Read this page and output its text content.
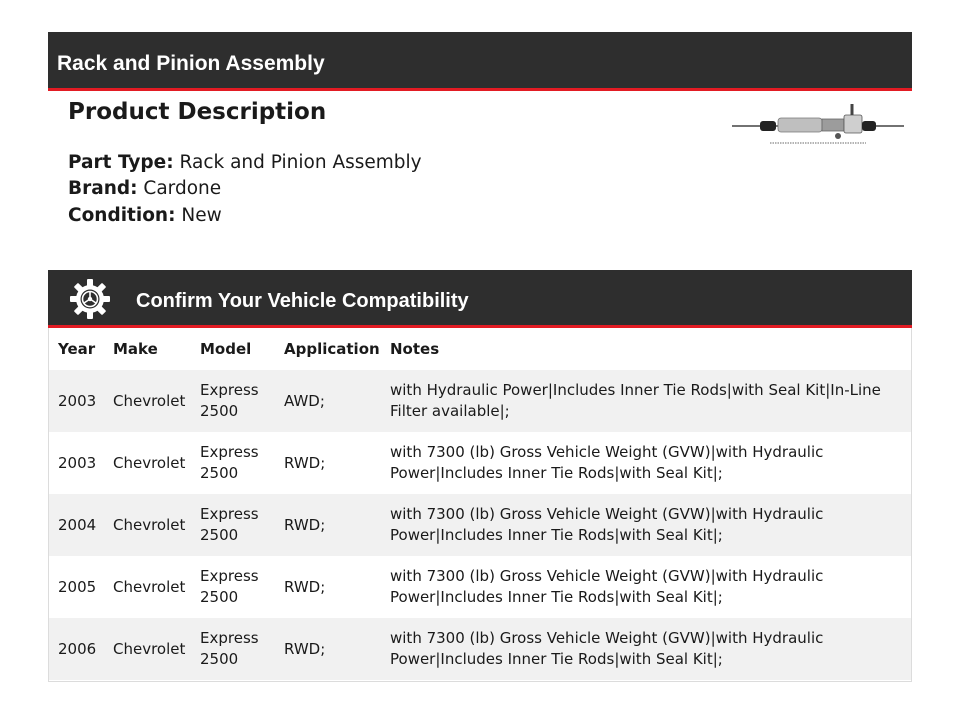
Rack and Pinion Assembly
Product Description
Part Type: Rack and Pinion Assembly
Brand: Cardone
Condition: New
Confirm Your Vehicle Compatibility
Year	Make	Model	Application	Notes
2003	Chevrolet	Express 2500	AWD;	with Hydraulic Power|Includes Inner Tie Rods|with Seal Kit|In-Line Filter available|;
2003	Chevrolet	Express 2500	RWD;	with 7300 (lb) Gross Vehicle Weight (GVW)|with Hydraulic Power|Includes Inner Tie Rods|with Seal Kit|;
2004	Chevrolet	Express 2500	RWD;	with 7300 (lb) Gross Vehicle Weight (GVW)|with Hydraulic Power|Includes Inner Tie Rods|with Seal Kit|;
2005	Chevrolet	Express 2500	RWD;	with 7300 (lb) Gross Vehicle Weight (GVW)|with Hydraulic Power|Includes Inner Tie Rods|with Seal Kit|;
2006	Chevrolet	Express 2500	RWD;	with 7300 (lb) Gross Vehicle Weight (GVW)|with Hydraulic Power|Includes Inner Tie Rods|with Seal Kit|;
